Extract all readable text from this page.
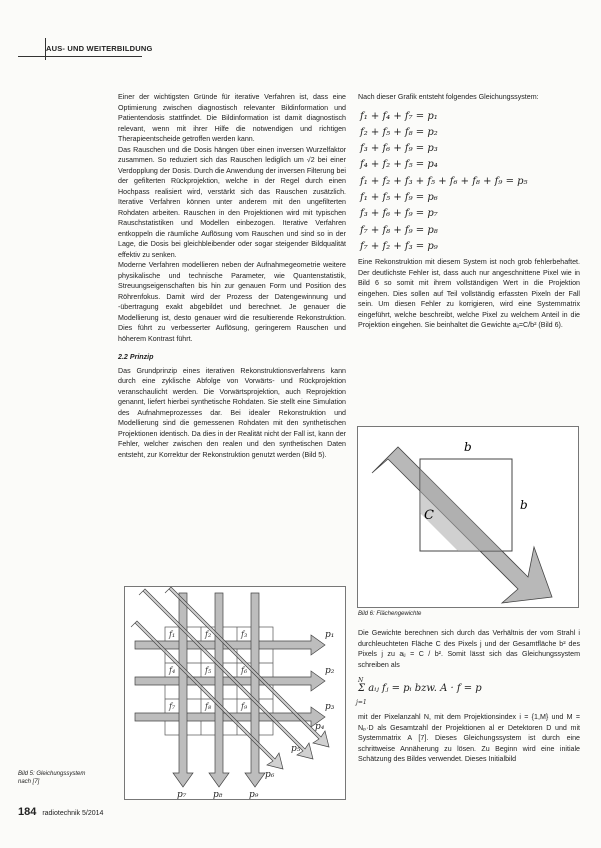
AUS- UND WEITERBILDUNG

Einer der wichtigsten Gründe für iterative Verfahren ist, dass eine Optimierung zwischen diagnostisch relevanter Bildinformation und Patientendosis stattfindet. Die Bildinformation ist damit diagnostisch relevant, wenn mit ihrer Hilfe die notwendigen und richtigen Therapieentscheide getroffen werden kann.

Das Rauschen und die Dosis hängen über einen inversen Wurzelfaktor zusammen. So reduziert sich das Rauschen lediglich um √2 bei einer Verdopplung der Dosis. Durch die Anwendung der inversen Filterung bei der gefilterten Rückprojektion, welche in der Regel durch einen Hochpass realisiert wird, verstärkt sich das Rauschen zusätzlich. Iterative Verfahren können unter anderem mit den ungefilterten Rohdaten arbeiten. Rauschen in den Projektionen wird mit typischen Rauschstatistiken und Modellen einbezogen. Iterative Verfahren entkoppeln die räumliche Auflösung vom Rauschen und sind so in der Lage, die Dosis bei gleichbleibender oder sogar steigender Bildqualität effektiv zu senken.

Moderne Verfahren modellieren neben der Aufnahmegeometrie weitere physikalische und technische Parameter, wie Quantenstatistik, Streuungseigenschaften bis hin zur genauen Form und Position des Röhrenfokus. Damit wird der Prozess der Datengewinnung und -übertragung exakt abgebildet und berechnet. Je genauer die Modellierung ist, desto genauer wird die resultierende Rekonstruktion. Dies führt zu verbesserter Auflösung, geringerem Rauschen und höherem Kontrast führt.

2.2 Prinzip

Das Grundprinzip eines iterativen Rekonstruktionsverfahrens kann durch eine zyklische Abfolge von Vorwärts- und Rückprojektion veranschaulicht werden. Die Vorwärtsprojektion, auch Reprojektion genannt, liefert hierbei synthetische Rohdaten. Sie stellt eine Simulation des Aufnahmeprozesses dar. Bei idealer Rekonstruktion und Modellierung sind die gemessenen Rohdaten mit den synthetischen Projektionen identisch. Da dies in der Realität nicht der Fall ist, kann der Fehler, welcher zwischen den realen und den synthetischen Daten entsteht, zur Korrektur der Rekonstruktion genutzt werden (Bild 5).

Nach dieser Grafik entsteht folgendes Gleichungssystem:

f₁ + f₄ + f₇ = p₁
f₂ + f₅ + f₈ = p₂
f₃ + f₆ + f₉ = p₃
f₄ + f₂ + f₅ = p₄
f₁ + f₂ + f₃ + f₅ + f₆ + f₈ + f₉ = p₅
f₁ + f₅ + f₉ = p₆
f₃ + f₆ + f₉ = p₇
f₇ + f₈ + f₉ = p₈
f₇ + f₂ + f₃ = p₉

Eine Rekonstruktion mit diesem System ist noch grob fehlerbehaftet. Der deutlichste Fehler ist, dass auch nur angeschnittene Pixel wie in Bild 6 so somit mit ihrem vollständigen Wert in die Projektion eingehen. Dies sollen auf Teil vollständig erfassten Pixeln der Fall sein. Um diesen Fehler zu korrigieren, wird eine Systemmatrix eingeführt, welche beschreibt, welche Pixel zu welchem Anteil in die Projektion eingehen. Sie beinhaltet die Gewichte aᵢⱼ=C/b² (Bild 6).

b
b
C
Bild 6: Flächengewichte

Die Gewichte berechnen sich durch das Verhältnis der vom Strahl i durchleuchteten Fläche C des Pixels j und der Gesamtfläche b² des Pixels j zu aᵢⱼ = C / b². Somit lässt sich das Gleichungssystem schreiben als

N
j=1
Σ aᵢⱼ fⱼ = pᵢ bzw. A · f = p

mit der Pixelanzahl N, mit dem Projektionsindex i = {1,M} und M = Nₚ·D als Gesamtzahl der Projektionen al er Detektoren D und mit Systemmatrix A [7]. Dieses Gleichungssystem ist durch eine schrittweise Annäherung zu lösen. Zu Beginn wird eine initiale Schätzung des Bildes verwendet. Dieses Initialbild

f₁	f₂	f₃
f₄	f₅	f₆
f₇	f₈	f₉
p₁
p₂
p₃
p₄
p₅
p₆
p₇	p₈	p₉
Bild 5: Gleichungssystem nach [7]
184 radiotechnik 5/2014
